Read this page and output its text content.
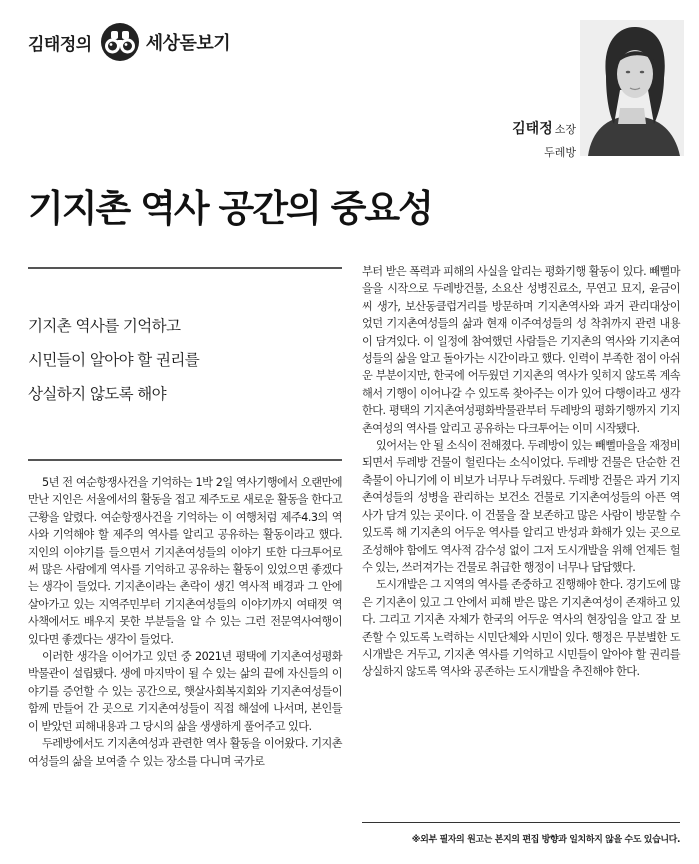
김태정의	세상돋보기
김태정 소장
두레방
기지촌 역사 공간의 중요성
기지촌 역사를 기억하고
시민들이 알아야 할 권리를
상실하지 않도록 해야

5년 전 여순항쟁사건을 기억하는 1박 2일 역사기행에서 오랜만에 만난 지인은 서울에서의 활동을 접고 제주도로 새로운 활동을 한다고 근황을 알렸다. 여순항쟁사건을 기억하는 이 여행처럼 제주4.3의 역사와 기억해야 할 제주의 역사를 알리고 공유하는 활동이라고 했다. 지인의 이야기를 들으면서 기지촌여성들의 이야기 또한 다크투어로써 많은 사람에게 역사를 기억하고 공유하는 활동이 있었으면 좋겠다는 생각이 들었다. 기지촌이라는 촌락이 생긴 역사적 배경과 그 안에 살아가고 있는 지역주민부터 기지촌여성들의 이야기까지 여태껏 역사책에서도 배우지 못한 부분들을 알 수 있는 그런 전문역사여행이 있다면 좋겠다는 생각이 들었다.

이러한 생각을 이어가고 있던 중 2021년 평택에 기지촌여성평화박물관이 설립됐다. 생에 마지막이 될 수 있는 삶의 끝에 자신들의 이야기를 증언할 수 있는 공간으로, 햇살사회복지회와 기지촌여성들이 함께 만들어 간 곳으로 기지촌여성들이 직접 해설에 나서며, 본인들이 받았던 피해내용과 그 당시의 삶을 생생하게 풀어주고 있다.

두레방에서도 기지촌여성과 관련한 역사 활동을 이어왔다. 기지촌여성들의 삶을 보여줄 수 있는 장소를 다니며 국가로

부터 받은 폭력과 피해의 사실을 알리는 평화기행 활동이 있다. 빼뻘마을을 시작으로 두레방건물, 소요산 성병진료소, 무연고 묘지, 윤금이 씨 생가, 보산동클럽거리를 방문하며 기지촌역사와 과거 관리대상이었던 기지촌여성들의 삶과 현재 이주여성들의 성 착취까지 관련 내용이 담겨있다. 이 일정에 참여했던 사람들은 기지촌의 역사와 기지촌여성들의 삶을 알고 돌아가는 시간이라고 했다. 인력이 부족한 점이 아쉬운 부분이지만, 한국에 어두웠던 기지촌의 역사가 잊히지 않도록 계속해서 기행이 이어나갈 수 있도록 찾아주는 이가 있어 다행이라고 생각한다. 평택의 기지촌여성평화박물관부터 두레방의 평화기행까지 기지촌여성의 역사를 알리고 공유하는 다크투어는 이미 시작됐다.

있어서는 안 될 소식이 전해졌다. 두레방이 있는 빼뻘마을을 재정비 되면서 두레방 건물이 헐린다는 소식이었다. 두레방 건물은 단순한 건축물이 아니기에 이 비보가 너무나 두려웠다. 두레방 건물은 과거 기지촌여성들의 성병을 관리하는 보건소 건물로 기지촌여성들의 아픈 역사가 담겨 있는 곳이다. 이 건물을 잘 보존하고 많은 사람이 방문할 수 있도록 해 기지촌의 어두운 역사를 알리고 반성과 화해가 있는 곳으로 조성해야 함에도 역사적 감수성 없이 그저 도시개발을 위해 언제든 헐 수 있는, 쓰러져가는 건물로 취급한 행정이 너무나 답답했다.

도시개발은 그 지역의 역사를 존중하고 진행해야 한다. 경기도에 많은 기지촌이 있고 그 안에서 피해 받은 많은 기지촌여성이 존재하고 있다. 그리고 기지촌 자체가 한국의 어두운 역사의 현장임을 알고 잘 보존할 수 있도록 노력하는 시민단체와 시민이 있다. 행정은 무분별한 도시개발은 거두고, 기지촌 역사를 기억하고 시민들이 알아야 할 권리를 상실하지 않도록 역사와 공존하는 도시개발을 추진해야 한다.

※외부 필자의 원고는 본지의 편집 방향과 일치하지 않을 수도 있습니다.
